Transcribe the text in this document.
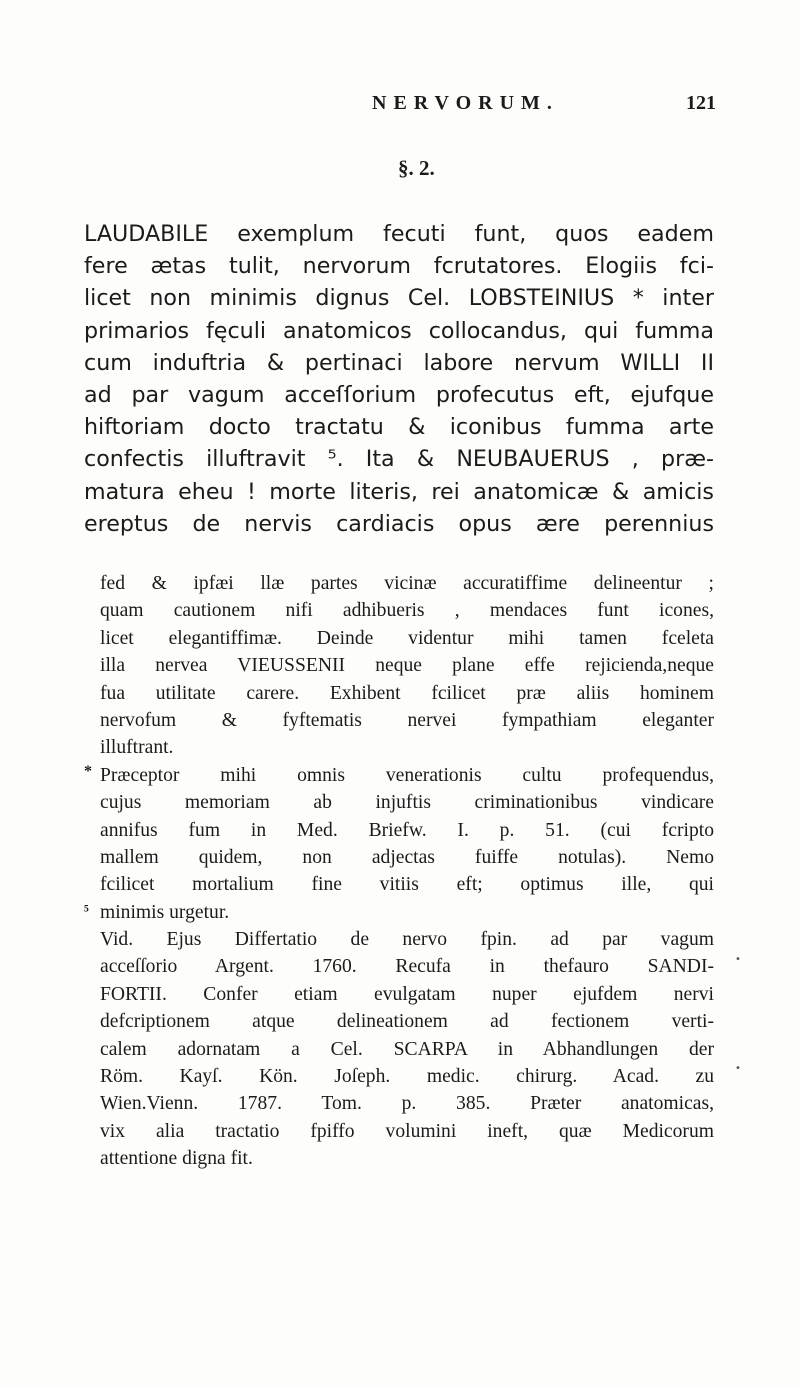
NERVORUM.	121
§. 2.
LAUDABILE exemplum fecuti funt, quos eadem
fere ætas tulit, nervorum fcrutatores. Elogiis fci-
licet non minimis dignus Cel. LOBSTEINIUS * inter
primarios fęculi anatomicos collocandus, qui fumma
cum induftria & pertinaci labore nervum WILLI II
ad par vagum acceſſorium profecutus eft, ejufque
hiftoriam docto tractatu & iconibus fumma arte
confectis illuftravit ⁵. Ita & NEUBAUERUS , præ-
matura eheu ! morte literis, rei anatomicæ & amicis
ereptus de nervis cardiacis opus ære perennius
fed & ipfæi llæ partes vicinæ accuratiffime delineentur ;
quam cautionem nifi adhibueris , mendaces funt icones,
licet elegantiffimæ. Deinde videntur mihi tamen fceleta
illa nervea VIEUSSENII neque plane effe rejicienda,neque
fua utilitate carere. Exhibent fcilicet præ aliis hominem
nervofum & fyftematis nervei fympathiam eleganter
illuftrant.
Præceptor mihi omnis venerationis cultu profequendus,
cujus memoriam ab injuftis criminationibus vindicare
annifus fum in Med. Briefw. I. p. 51. (cui fcripto
mallem quidem, non adjectas fuiffe notulas). Nemo
fcilicet mortalium fine vitiis eft; optimus ille, qui
minimis urgetur.
Vid. Ejus Differtatio de nervo fpin. ad par vagum
acceſſorio Argent. 1760. Recufa in thefauro SANDI-
FORTII. Confer etiam evulgatam nuper ejufdem nervi
defcriptionem atque delineationem ad fectionem verti-
calem adornatam a Cel. SCARPA in Abhandlungen der
Röm. Kayſ. Kön. Joſeph. medic. chirurg. Acad. zu
Wien.Vienn. 1787. Tom. p. 385. Præter anatomicas,
vix alia tractatio fpiffo volumini ineft, quæ Medicorum
attentione digna fit.
*
⁵
•
•
